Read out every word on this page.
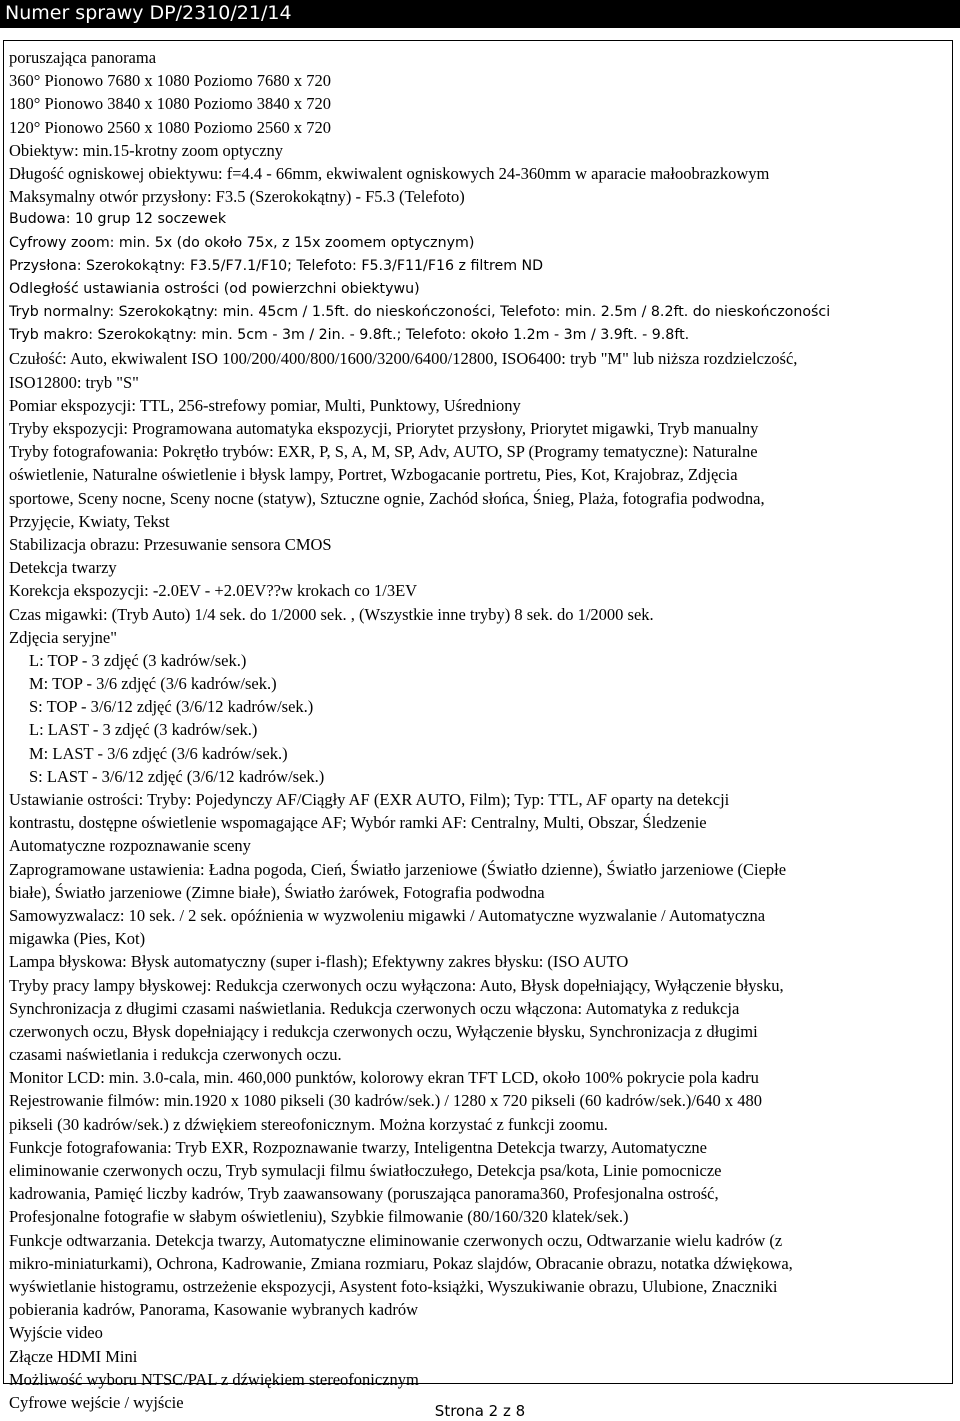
Numer sprawy DP/2310/21/14
poruszająca panorama
360° Pionowo 7680 x 1080 Poziomo 7680 x 720
180° Pionowo 3840 x 1080 Poziomo 3840 x 720
120° Pionowo 2560 x 1080 Poziomo 2560 x 720
Obiektyw: min.15-krotny zoom optyczny
Długość ogniskowej obiektywu: f=4.4 - 66mm, ekwiwalent ogniskowych 24-360mm w aparacie małoobrazkowym
Maksymalny otwór przysłony: F3.5 (Szerokokątny) - F5.3 (Telefoto)
Budowa: 10 grup 12 soczewek
Cyfrowy zoom: min. 5x (do około 75x, z 15x zoomem optycznym)
Przysłona: Szerokokątny: F3.5/F7.1/F10; Telefoto: F5.3/F11/F16 z filtrem ND
Odległość ustawiania ostrości (od powierzchni obiektywu)
Tryb normalny: Szerokokątny: min. 45cm / 1.5ft. do nieskończoności, Telefoto: min. 2.5m / 8.2ft. do nieskończoności
Tryb makro: Szerokokątny: min. 5cm - 3m / 2in. - 9.8ft.; Telefoto: około 1.2m - 3m / 3.9ft. - 9.8ft.
Czułość: Auto, ekwiwalent ISO 100/200/400/800/1600/3200/6400/12800, ISO6400: tryb "M" lub niższa rozdzielczość,
ISO12800: tryb "S"
Pomiar ekspozycji: TTL, 256-strefowy pomiar, Multi, Punktowy, Uśredniony
Tryby ekspozycji: Programowana automatyka ekspozycji, Priorytet przysłony, Priorytet migawki, Tryb manualny
Tryby fotografowania: Pokrętło trybów: EXR, P, S, A, M, SP, Adv, AUTO, SP (Programy tematyczne): Naturalne
oświetlenie, Naturalne oświetlenie i błysk lampy, Portret, Wzbogacanie portretu, Pies, Kot, Krajobraz, Zdjęcia
sportowe, Sceny nocne, Sceny nocne (statyw), Sztuczne ognie, Zachód słońca, Śnieg, Plaża, fotografia podwodna,
Przyjęcie, Kwiaty, Tekst
Stabilizacja obrazu: Przesuwanie sensora CMOS
Detekcja twarzy
Korekcja ekspozycji: -2.0EV - +2.0EV??w krokach co 1/3EV
Czas migawki: (Tryb Auto) 1/4 sek. do 1/2000 sek. , (Wszystkie inne tryby) 8 sek. do 1/2000 sek.
Zdjęcia seryjne"
L: TOP - 3 zdjęć (3 kadrów/sek.)
M: TOP - 3/6 zdjęć (3/6 kadrów/sek.)
S: TOP - 3/6/12 zdjęć (3/6/12 kadrów/sek.)
L: LAST - 3 zdjęć (3 kadrów/sek.)
M: LAST - 3/6 zdjęć (3/6 kadrów/sek.)
S: LAST - 3/6/12 zdjęć (3/6/12 kadrów/sek.)
Ustawianie ostrości: Tryby: Pojedynczy AF/Ciągły AF (EXR AUTO, Film); Typ: TTL, AF oparty na detekcji
kontrastu, dostępne oświetlenie wspomagające AF; Wybór ramki AF: Centralny, Multi, Obszar, Śledzenie
Automatyczne rozpoznawanie sceny
Zaprogramowane ustawienia: Ładna pogoda, Cień, Światło jarzeniowe (Światło dzienne), Światło jarzeniowe (Ciepłe
białe), Światło jarzeniowe (Zimne białe), Światło żarówek, Fotografia podwodna
Samowyzwalacz: 10 sek. / 2 sek. opóźnienia w wyzwoleniu migawki / Automatyczne wyzwalanie / Automatyczna
migawka (Pies, Kot)
Lampa błyskowa: Błysk automatyczny (super i-flash); Efektywny zakres błysku: (ISO AUTO
Tryby pracy lampy błyskowej: Redukcja czerwonych oczu wyłączona: Auto, Błysk dopełniający, Wyłączenie błysku,
Synchronizacja z długimi czasami naświetlania. Redukcja czerwonych oczu włączona: Automatyka z redukcja
czerwonych oczu, Błysk dopełniający i redukcja czerwonych oczu, Wyłączenie błysku, Synchronizacja z długimi
czasami naświetlania i redukcja czerwonych oczu.
Monitor LCD: min. 3.0-cala, min. 460,000 punktów, kolorowy ekran TFT LCD, około 100% pokrycie pola kadru
Rejestrowanie filmów: min.1920 x 1080 pikseli (30 kadrów/sek.) / 1280 x 720 pikseli (60 kadrów/sek.)/640 x 480
pikseli (30 kadrów/sek.) z dźwiękiem stereofonicznym. Można korzystać z funkcji zoomu.
Funkcje fotografowania: Tryb EXR, Rozpoznawanie twarzy, Inteligentna Detekcja twarzy, Automatyczne
eliminowanie czerwonych oczu, Tryb symulacji filmu światłoczułego, Detekcja psa/kota, Linie pomocnicze
kadrowania, Pamięć liczby kadrów, Tryb zaawansowany (poruszająca panorama360, Profesjonalna ostrość,
Profesjonalne fotografie w słabym oświetleniu), Szybkie filmowanie (80/160/320 klatek/sek.)
Funkcje odtwarzania. Detekcja twarzy, Automatyczne eliminowanie czerwonych oczu, Odtwarzanie wielu kadrów (z
mikro-miniaturkami), Ochrona, Kadrowanie, Zmiana rozmiaru, Pokaz slajdów, Obracanie obrazu, notatka dźwiękowa,
wyświetlanie histogramu, ostrzeżenie ekspozycji, Asystent foto-książki, Wyszukiwanie obrazu, Ulubione, Znaczniki
pobierania kadrów, Panorama, Kasowanie wybranych kadrów
Wyjście video
Złącze HDMI Mini
Możliwość wyboru NTSC/PAL z dźwiękiem stereofonicznym
Cyfrowe wejście / wyjście	Strona 2 z 8
